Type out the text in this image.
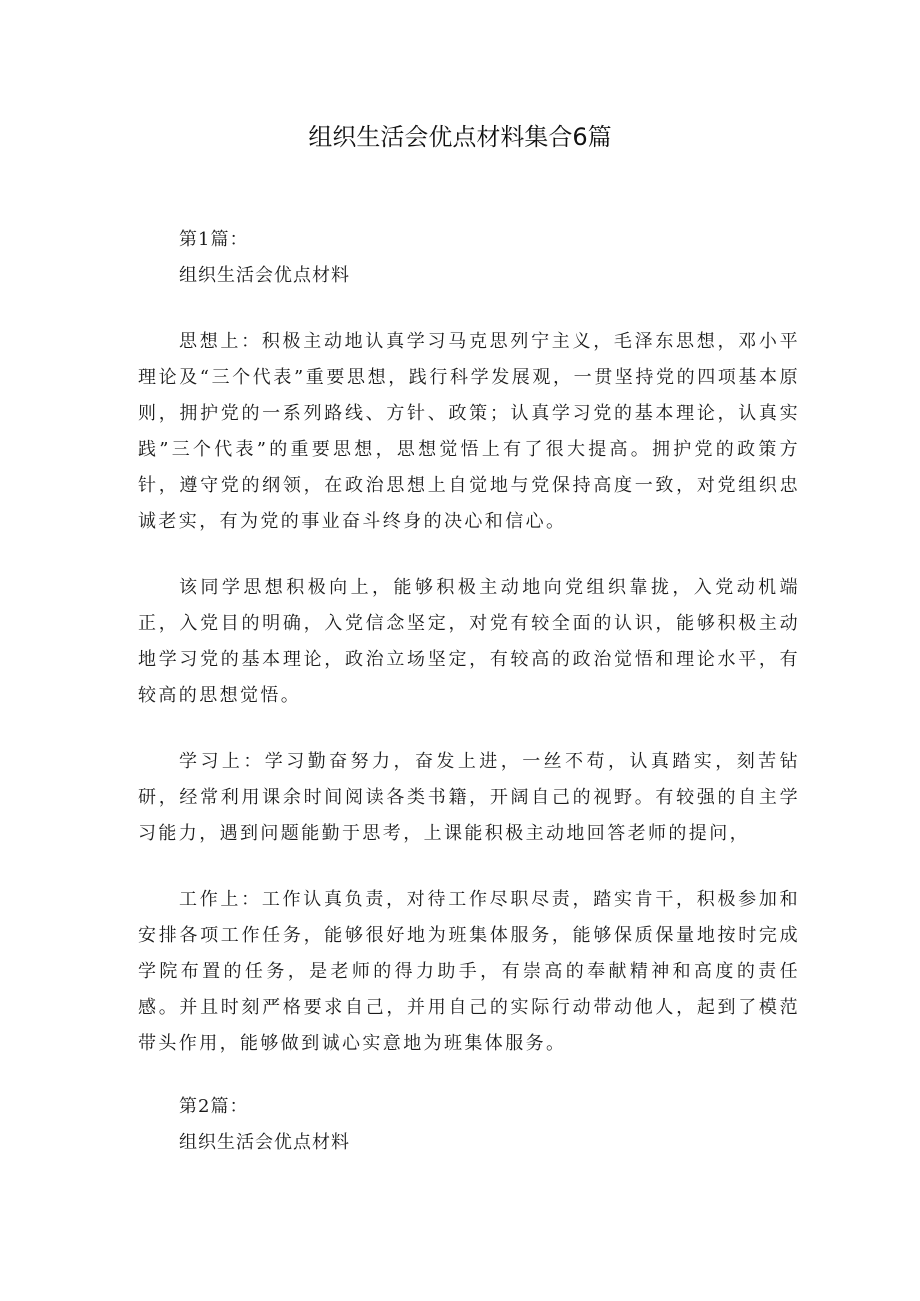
组织生活会优点材料集合6篇
第1篇：
组织生活会优点材料
思想上：积极主动地认真学习马克思列宁主义，毛泽东思想，邓小平理论及“三个代表”重要思想，践行科学发展观，一贯坚持党的四项基本原则，拥护党的一系列路线、方针、政策；认真学习党的基本理论，认真实践”三个代表”的重要思想，思想觉悟上有了很大提高。拥护党的政策方针，遵守党的纲领，在政治思想上自觉地与党保持高度一致，对党组织忠诚老实，有为党的事业奋斗终身的决心和信心。
该同学思想积极向上，能够积极主动地向党组织靠拢，入党动机端正，入党目的明确，入党信念坚定，对党有较全面的认识，能够积极主动地学习党的基本理论，政治立场坚定，有较高的政治觉悟和理论水平，有较高的思想觉悟。
学习上：学习勤奋努力，奋发上进，一丝不苟，认真踏实，刻苦钻研，经常利用课余时间阅读各类书籍，开阔自己的视野。有较强的自主学习能力，遇到问题能勤于思考，上课能积极主动地回答老师的提问，
工作上：工作认真负责，对待工作尽职尽责，踏实肯干，积极参加和安排各项工作任务，能够很好地为班集体服务，能够保质保量地按时完成学院布置的任务，是老师的得力助手，有崇高的奉献精神和高度的责任感。并且时刻严格要求自己，并用自己的实际行动带动他人，起到了模范带头作用，能够做到诚心实意地为班集体服务。
第2篇：
组织生活会优点材料
